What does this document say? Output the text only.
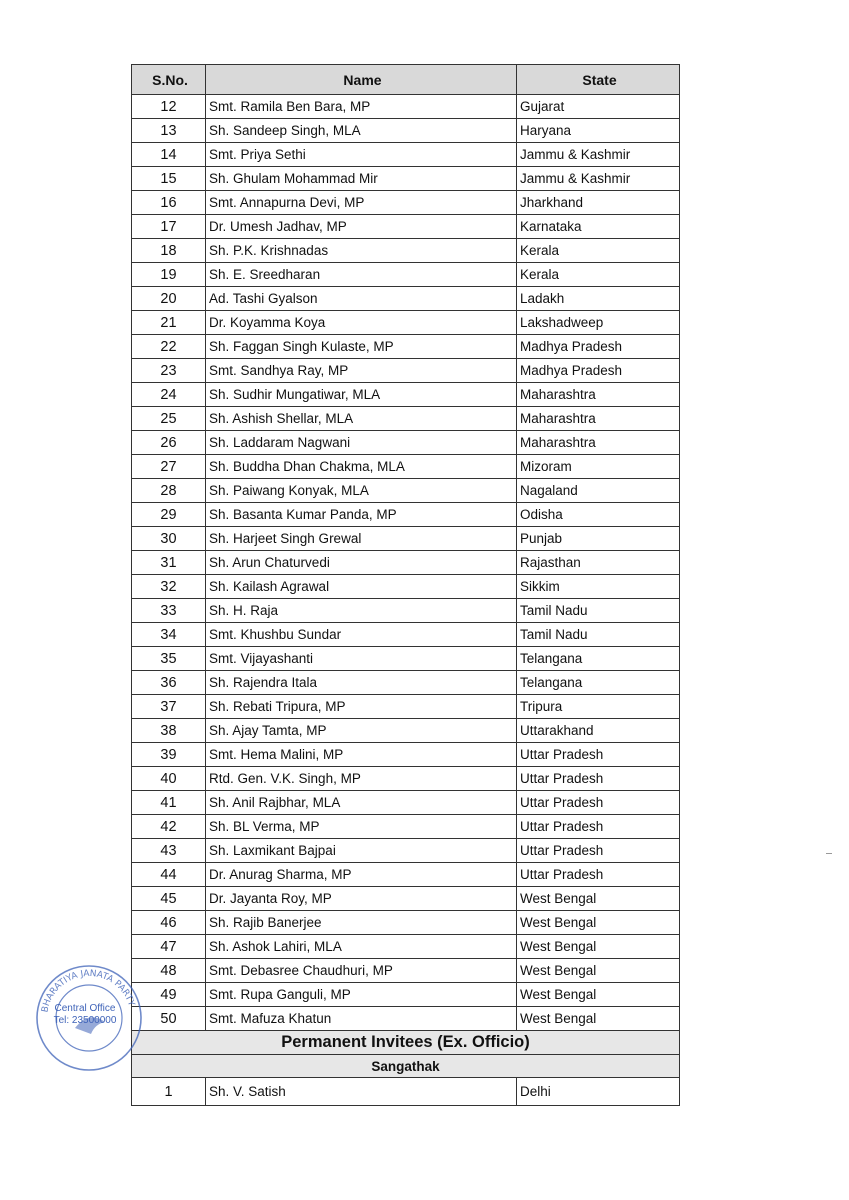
S.No.	Name	State
12	Smt. Ramila Ben Bara, MP	Gujarat
13	Sh. Sandeep Singh, MLA	Haryana
14	Smt. Priya Sethi	Jammu & Kashmir
15	Sh. Ghulam Mohammad Mir	Jammu & Kashmir
16	Smt. Annapurna Devi, MP	Jharkhand
17	Dr. Umesh Jadhav, MP	Karnataka
18	Sh. P.K. Krishnadas	Kerala
19	Sh. E. Sreedharan	Kerala
20	Ad. Tashi Gyalson	Ladakh
21	Dr. Koyamma Koya	Lakshadweep
22	Sh. Faggan Singh Kulaste, MP	Madhya Pradesh
23	Smt. Sandhya Ray, MP	Madhya Pradesh
24	Sh. Sudhir Mungatiwar, MLA	Maharashtra
25	Sh. Ashish Shellar, MLA	Maharashtra
26	Sh. Laddaram Nagwani	Maharashtra
27	Sh. Buddha Dhan Chakma, MLA	Mizoram
28	Sh. Paiwang Konyak, MLA	Nagaland
29	Sh. Basanta Kumar Panda, MP	Odisha
30	Sh. Harjeet Singh Grewal	Punjab
31	Sh. Arun Chaturvedi	Rajasthan
32	Sh. Kailash Agrawal	Sikkim
33	Sh. H. Raja	Tamil Nadu
34	Smt. Khushbu Sundar	Tamil Nadu
35	Smt. Vijayashanti	Telangana
36	Sh. Rajendra Itala	Telangana
37	Sh. Rebati Tripura, MP	Tripura
38	Sh. Ajay Tamta, MP	Uttarakhand
39	Smt. Hema Malini, MP	Uttar Pradesh
40	Rtd. Gen. V.K. Singh, MP	Uttar Pradesh
41	Sh. Anil Rajbhar, MLA	Uttar Pradesh
42	Sh. BL Verma, MP	Uttar Pradesh
43	Sh. Laxmikant Bajpai	Uttar Pradesh
44	Dr. Anurag Sharma, MP	Uttar Pradesh
45	Dr. Jayanta Roy, MP	West Bengal
46	Sh. Rajib Banerjee	West Bengal
47	Sh. Ashok Lahiri, MLA	West Bengal
48	Smt. Debasree Chaudhuri, MP	West Bengal
49	Smt. Rupa Ganguli, MP	West Bengal
50	Smt. Mafuza Khatun	West Bengal
Permanent Invitees (Ex. Officio)		
Sangathak		
1	Sh. V. Satish	Delhi
BHARATIYA JANATA PARTY
Central Office
Tel: 23500000
